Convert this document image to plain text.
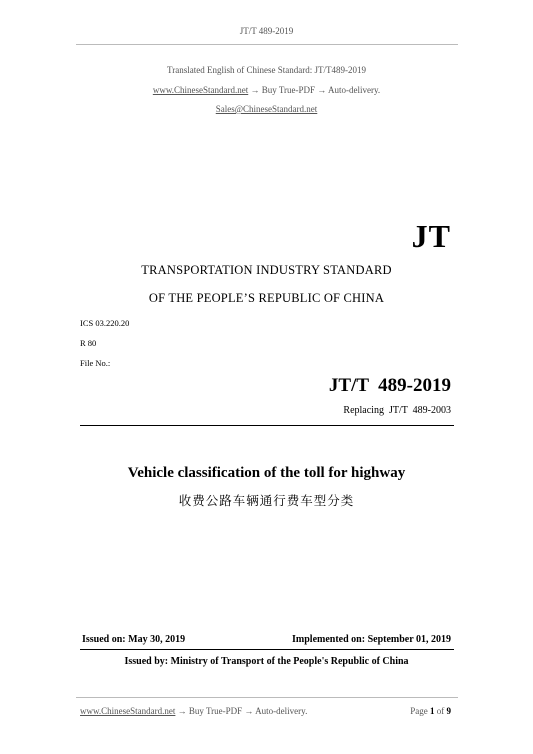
JT/T 489-2019
Translated English of Chinese Standard: JT/T489-2019
www.ChineseStandard.net → Buy True-PDF → Auto-delivery.
Sales@ChineseStandard.net
JT
TRANSPORTATION INDUSTRY STANDARD
OF THE PEOPLE’S REPUBLIC OF CHINA
ICS 03.220.20
R 80
File No.:
JT/T  489-2019
Replacing  JT/T  489-2003
Vehicle classification of the toll for highway
收费公路车辆通行费车型分类
Issued on: May 30, 2019	Implemented on: September 01, 2019
Issued by: Ministry of Transport of the People's Republic of China
www.ChineseStandard.net → Buy True-PDF → Auto-delivery.	Page 1 of 9
